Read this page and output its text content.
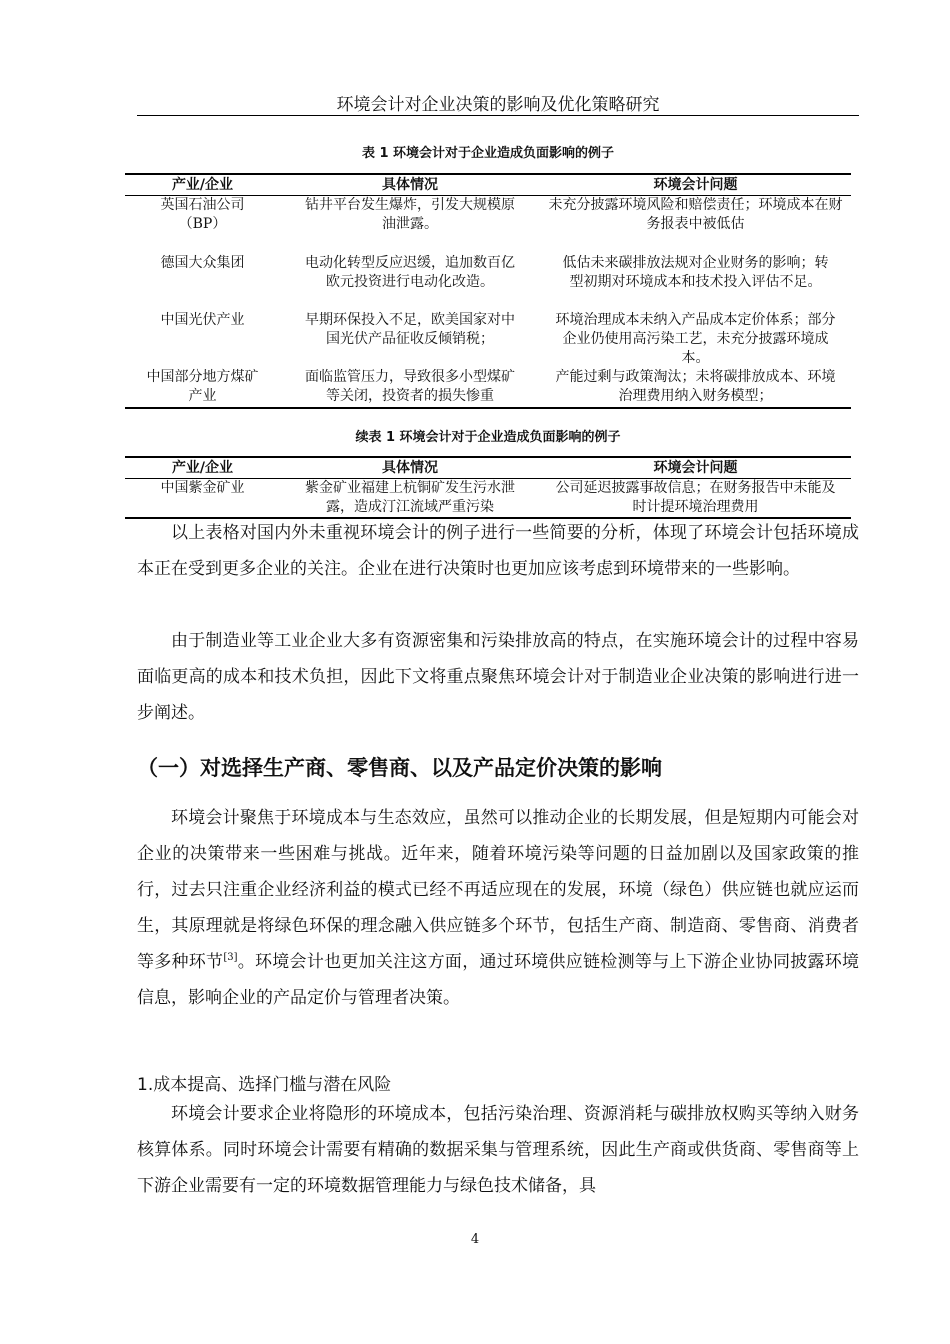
环境会计对企业决策的影响及优化策略研究
表 1 环境会计对于企业造成负面影响的例子
产业/企业	具体情况	环境会计问题
英国石油公司（BP）	钻井平台发生爆炸，引发大规模原油泄露。	未充分披露环境风险和赔偿责任；环境成本在财务报表中被低估
德国大众集团	电动化转型反应迟缓，追加数百亿欧元投资进行电动化改造。	低估未来碳排放法规对企业财务的影响；转型初期对环境成本和技术投入评估不足。
中国光伏产业	早期环保投入不足，欧美国家对中国光伏产品征收反倾销税；	环境治理成本未纳入产品成本定价体系；部分企业仍使用高污染工艺，未充分披露环境成本。
中国部分地方煤矿产业	面临监管压力，导致很多小型煤矿等关闭，投资者的损失惨重	产能过剩与政策淘汰；未将碳排放成本、环境治理费用纳入财务模型；
续表 1 环境会计对于企业造成负面影响的例子
产业/企业	具体情况	环境会计问题
中国紫金矿业	紫金矿业福建上杭铜矿发生污水泄露，造成汀江流域严重污染	公司延迟披露事故信息；在财务报告中未能及时计提环境治理费用

以上表格对国内外未重视环境会计的例子进行一些简要的分析，体现了环境会计包括环境成本正在受到更多企业的关注。企业在进行决策时也更加应该考虑到环境带来的一些影响。

由于制造业等工业企业大多有资源密集和污染排放高的特点，在实施环境会计的过程中容易面临更高的成本和技术负担，因此下文将重点聚焦环境会计对于制造业企业决策的影响进行进一步阐述。

（一）对选择生产商、零售商、以及产品定价决策的影响

环境会计聚焦于环境成本与生态效应，虽然可以推动企业的长期发展，但是短期内可能会对企业的决策带来一些困难与挑战。近年来，随着环境污染等问题的日益加剧以及国家政策的推行，过去只注重企业经济利益的模式已经不再适应现在的发展，环境（绿色）供应链也就应运而生，其原理就是将绿色环保的理念融入供应链多个环节，包括生产商、制造商、零售商、消费者等多种环节[3]。环境会计也更加关注这方面，通过环境供应链检测等与上下游企业协同披露环境信息，影响企业的产品定价与管理者决策。

1.成本提高、选择门槛与潜在风险

环境会计要求企业将隐形的环境成本，包括污染治理、资源消耗与碳排放权购买等纳入财务核算体系。同时环境会计需要有精确的数据采集与管理系统，因此生产商或供货商、零售商等上下游企业需要有一定的环境数据管理能力与绿色技术储备，具

4
